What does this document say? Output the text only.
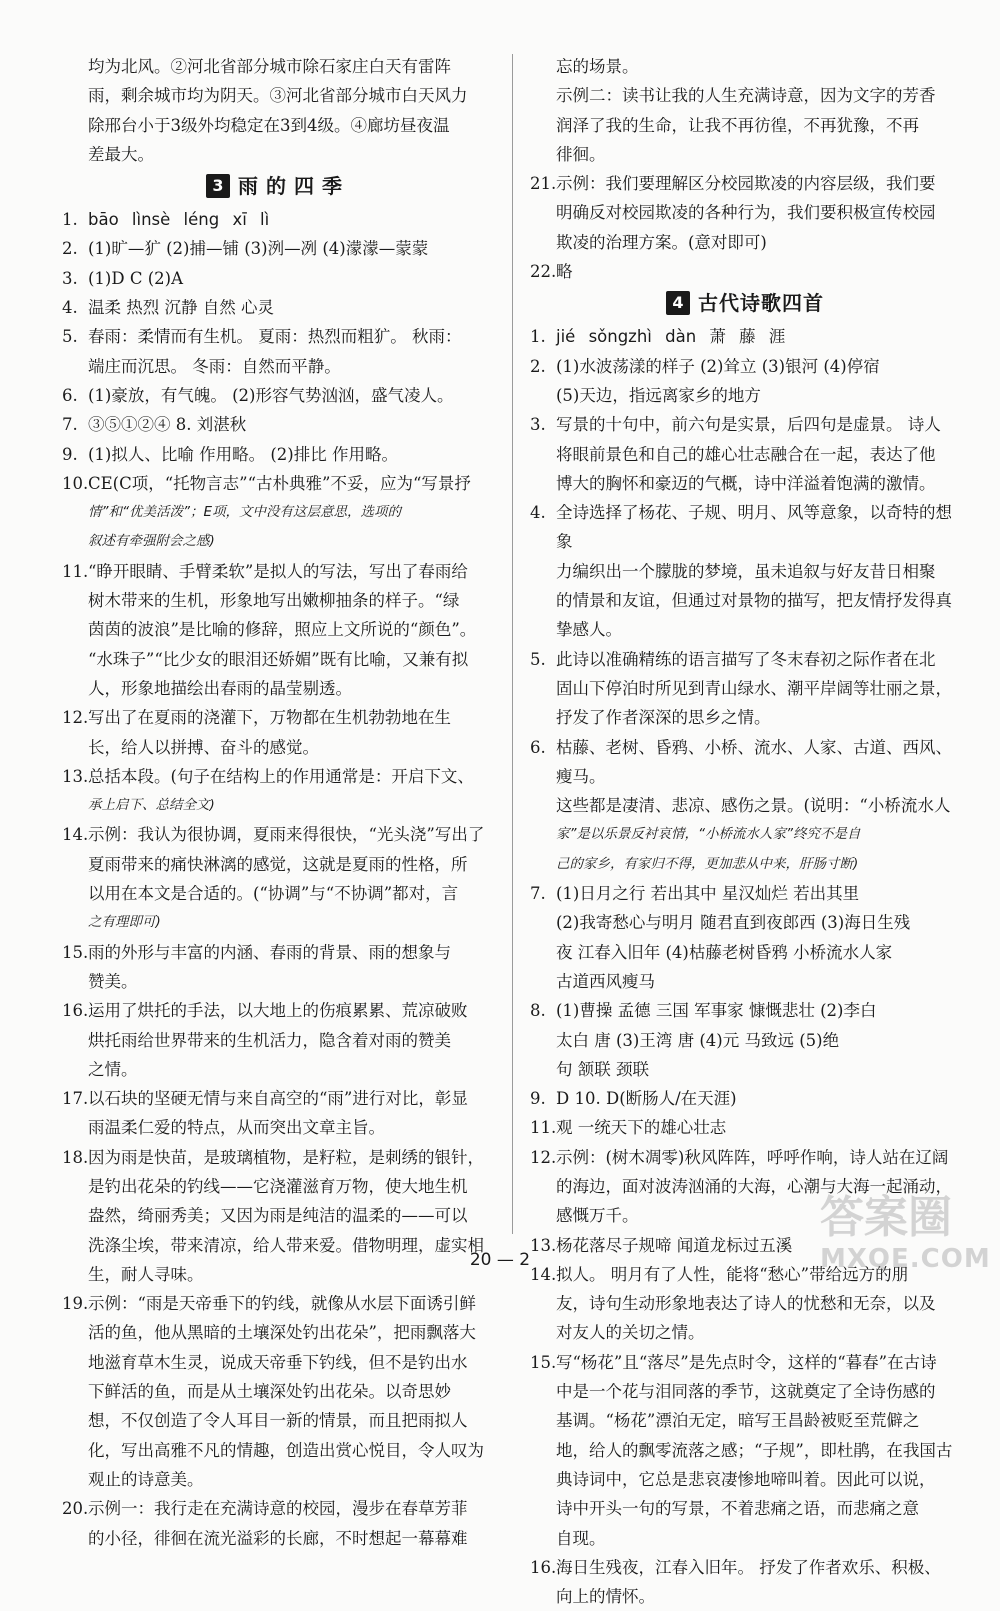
均为北风。②河北省部分城市除石家庄白天有雷阵

雨，剩余城市均为阴天。③河北省部分城市白天风力

除邢台小于3级外均稳定在3到4级。④廊坊昼夜温

差最大。

3 雨的四季
1. bāo lìnsè léng xī lì
2. (1)旷—犷 (2)捕—铺 (3)洌—冽 (4)濛濛—蒙蒙
3. (1)D C (2)A
4. 温柔 热烈 沉静 自然 心灵
5. 春雨：柔情而有生机。 夏雨：热烈而粗犷。 秋雨：

端庄而沉思。 冬雨：自然而平静。

6. (1)豪放，有气魄。 (2)形容气势汹汹，盛气凌人。
7. ③⑤①②④ 8. 刘湛秋
9. (1)拟人、比喻 作用略。 (2)排比 作用略。
10. CE(C项，“托物言志”“古朴典雅”不妥，应为“写景抒

情”和“优美活泼”；E项，文中没有这层意思，选项的

叙述有牵强附会之感)

11. “睁开眼睛、手臂柔软”是拟人的写法，写出了春雨给

树木带来的生机，形象地写出嫩柳抽条的样子。“绿

茵茵的波浪”是比喻的修辞，照应上文所说的“颜色”。

“水珠子”“比少女的眼泪还娇媚”既有比喻，又兼有拟

人，形象地描绘出春雨的晶莹剔透。

12. 写出了在夏雨的浇灌下，万物都在生机勃勃地在生

长，给人以拼搏、奋斗的感觉。

13. 总括本段。(句子在结构上的作用通常是：开启下文、

承上启下、总结全文)

14. 示例：我认为很协调，夏雨来得很快，“光头浇”写出了

夏雨带来的痛快淋漓的感觉，这就是夏雨的性格，所

以用在本文是合适的。(“协调”与“不协调”都对，言

之有理即可)

15. 雨的外形与丰富的内涵、春雨的背景、雨的想象与

赞美。

16. 运用了烘托的手法，以大地上的伤痕累累、荒凉破败

烘托雨给世界带来的生机活力，隐含着对雨的赞美

之情。

17. 以石块的坚硬无情与来自高空的“雨”进行对比，彰显

雨温柔仁爱的特点，从而突出文章主旨。

18. 因为雨是快苗，是玻璃植物，是籽粒，是刺绣的银针，

是钓出花朵的钓线——它浇灌滋育万物，使大地生机

盎然，绮丽秀美；又因为雨是纯洁的温柔的——可以

洗涤尘埃，带来清凉，给人带来爱。借物明理，虚实相

生，耐人寻味。

19. 示例：“雨是天帝垂下的钓线，就像从水层下面诱引鲜

活的鱼，他从黑暗的土壤深处钓出花朵”，把雨飘落大

地滋育草木生灵，说成天帝垂下钓线，但不是钓出水

下鲜活的鱼，而是从土壤深处钓出花朵。以奇思妙

想，不仅创造了令人耳目一新的情景，而且把雨拟人

化，写出高雅不凡的情趣，创造出赏心悦目，令人叹为

观止的诗意美。

20. 示例一：我行走在充满诗意的校园，漫步在春草芳菲

的小径，徘徊在流光溢彩的长廊，不时想起一幕幕难

忘的场景。

示例二：读书让我的人生充满诗意，因为文字的芳香

润泽了我的生命，让我不再彷徨，不再犹豫，不再

徘徊。

21. 示例：我们要理解区分校园欺凌的内容层级，我们要

明确反对校园欺凌的各种行为，我们要积极宣传校园

欺凌的治理方案。(意对即可)

22. 略
4 古代诗歌四首
1. jié sǒngzhì dàn 萧 藤 涯
2. (1)水波荡漾的样子 (2)耸立 (3)银河 (4)停宿

(5)天边，指远离家乡的地方

3. 写景的十句中，前六句是实景，后四句是虚景。 诗人

将眼前景色和自己的雄心壮志融合在一起，表达了他

博大的胸怀和豪迈的气概，诗中洋溢着饱满的激情。

4. 全诗选择了杨花、子规、明月、风等意象，以奇特的想象

力编织出一个朦胧的梦境，虽未追叙与好友昔日相聚

的情景和友谊，但通过对景物的描写，把友情抒发得真

挚感人。

5. 此诗以准确精练的语言描写了冬末春初之际作者在北

固山下停泊时所见到青山绿水、潮平岸阔等壮丽之景，

抒发了作者深深的思乡之情。

6. 枯藤、老树、昏鸦、小桥、流水、人家、古道、西风、瘦马。

这些都是凄清、悲凉、感伤之景。(说明：“小桥流水人

家”是以乐景反衬哀情，“小桥流水人家”终究不是自

己的家乡，有家归不得，更加悲从中来，肝肠寸断)

7. (1)日月之行 若出其中 星汉灿烂 若出其里

(2)我寄愁心与明月 随君直到夜郎西 (3)海日生残

夜 江春入旧年 (4)枯藤老树昏鸦 小桥流水人家

古道西风瘦马

8. (1)曹操 孟德 三国 军事家 慷慨悲壮 (2)李白

太白 唐 (3)王湾 唐 (4)元 马致远 (5)绝

句 颔联 颈联

9. D 10. D(断肠人/在天涯)
11. 观 一统天下的雄心壮志
12. 示例：(树木凋零)秋风阵阵，呼呼作响，诗人站在辽阔

的海边，面对波涛汹涌的大海，心潮与大海一起涌动，

感慨万千。

13. 杨花落尽子规啼 闻道龙标过五溪
14. 拟人。 明月有了人性，能将“愁心”带给远方的朋

友，诗句生动形象地表达了诗人的忧愁和无奈，以及

对友人的关切之情。

15. 写“杨花”且“落尽”是先点时令，这样的“暮春”在古诗

中是一个花与泪同落的季节，这就奠定了全诗伤感的

基调。“杨花”漂泊无定，暗写王昌龄被贬至荒僻之

地，给人的飘零流落之感；“子规”，即杜鹃，在我国古

典诗词中，它总是悲哀凄惨地啼叫着。因此可以说，

诗中开头一句的写景，不着悲痛之语，而悲痛之意

自现。

16. 海日生残夜，江春入旧年。 抒发了作者欢乐、积极、

向上的情怀。

20 — 2
答案圈
MXQE.COM
